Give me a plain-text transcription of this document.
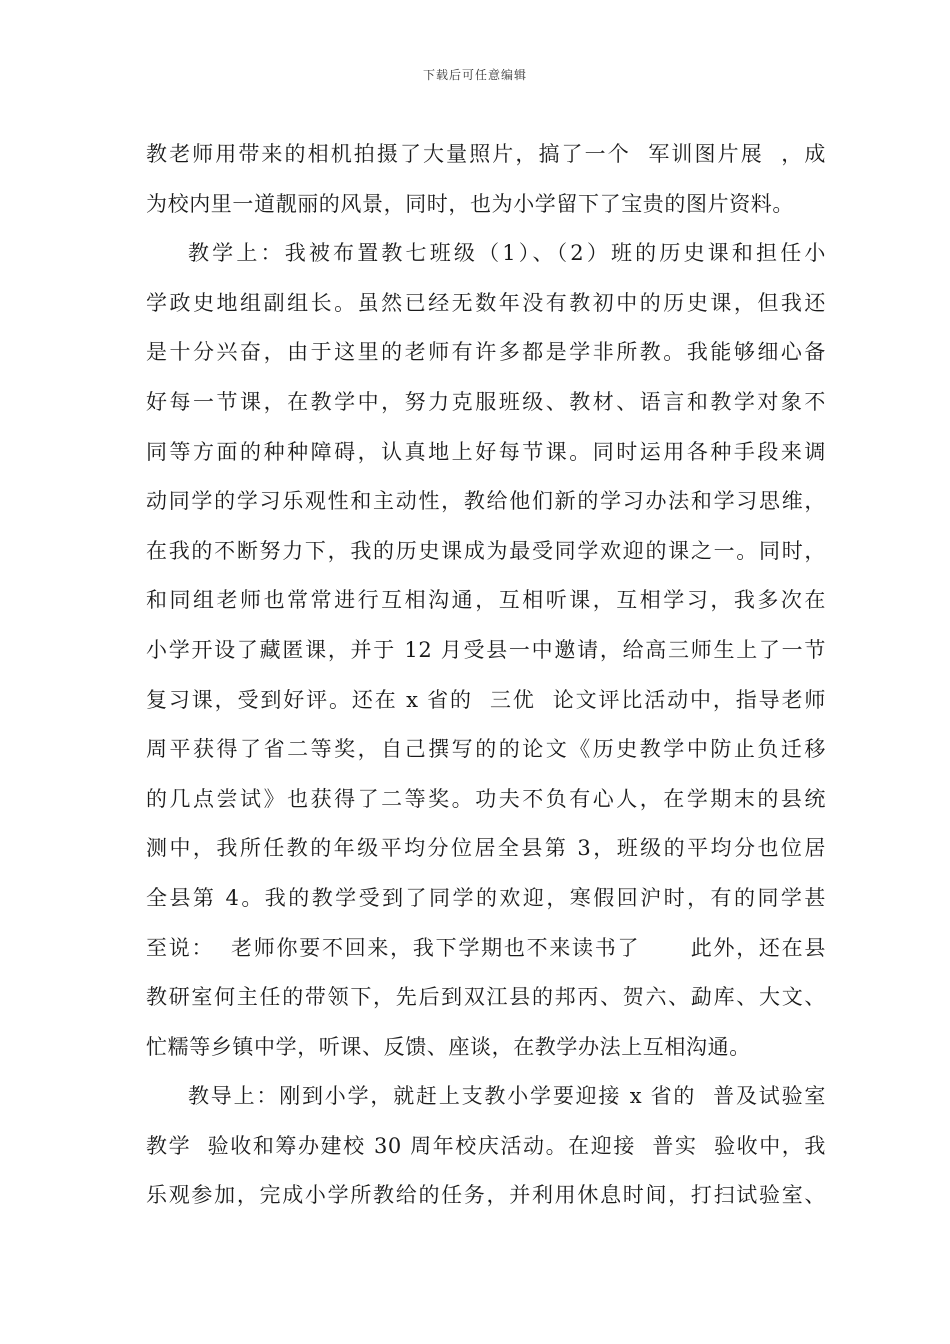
下载后可任意编辑
教老师用带来的相机拍摄了大量照片，搞了一个  军训图片展  ，成
为校内里一道靓丽的风景，同时，也为小学留下了宝贵的图片资料。
教学上：我被布置教七班级（1）、（2）班的历史课和担任小
学政史地组副组长。虽然已经无数年没有教初中的历史课，但我还
是十分兴奋，由于这里的老师有许多都是学非所教。我能够细心备
好每一节课，在教学中，努力克服班级、教材、语言和教学对象不
同等方面的种种障碍，认真地上好每节课。同时运用各种手段来调
动同学的学习乐观性和主动性，教给他们新的学习办法和学习思维，
在我的不断努力下，我的历史课成为最受同学欢迎的课之一。同时，
和同组老师也常常进行互相沟通，互相听课，互相学习，我多次在
小学开设了藏匿课，并于 12 月受县一中邀请，给高三师生上了一节
复习课，受到好评。还在 x 省的  三优  论文评比活动中，指导老师
周平获得了省二等奖，自己撰写的的论文《历史教学中防止负迁移
的几点尝试》也获得了二等奖。功夫不负有心人，在学期末的县统
测中，我所任教的年级平均分位居全县第 3，班级的平均分也位居
全县第 4。我的教学受到了同学的欢迎，寒假回沪时，有的同学甚
至说：  老师你要不回来，我下学期也不来读书了      此外，还在县
教研室何主任的带领下，先后到双江县的邦丙、贺六、勐库、大文、
忙糯等乡镇中学，听课、反馈、座谈，在教学办法上互相沟通。
教导上：刚到小学，就赶上支教小学要迎接 x 省的  普及试验室
教学  验收和筹办建校 30 周年校庆活动。在迎接  普实  验收中，我
乐观参加，完成小学所教给的任务，并利用休息时间，打扫试验室、
